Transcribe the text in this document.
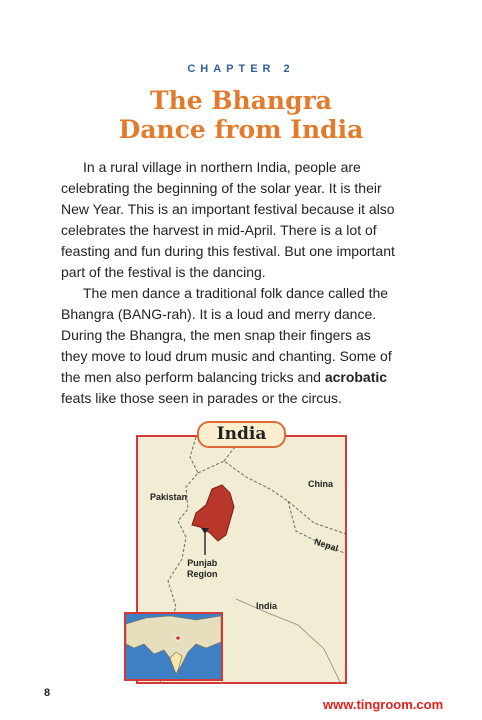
CHAPTER 2
The Bhangra
Dance from India

In a rural village in northern India, people are
celebrating the beginning of the solar year. It is their
New Year. This is an important festival because it also
celebrates the harvest in mid-April. There is a lot of
feasting and fun during this festival. But one important
part of the festival is the dancing.

The men dance a traditional folk dance called the
Bhangra (BANG-rah). It is a loud and merry dance.
During the Bhangra, the men snap their fingers as
they move to loud drum music and chanting. Some of
the men also perform balancing tricks and acrobatic
feats like those seen in parades or the circus.

Pakistan
China
Nepal
Punjab
Region
India
India
8
www.tingroom.com
